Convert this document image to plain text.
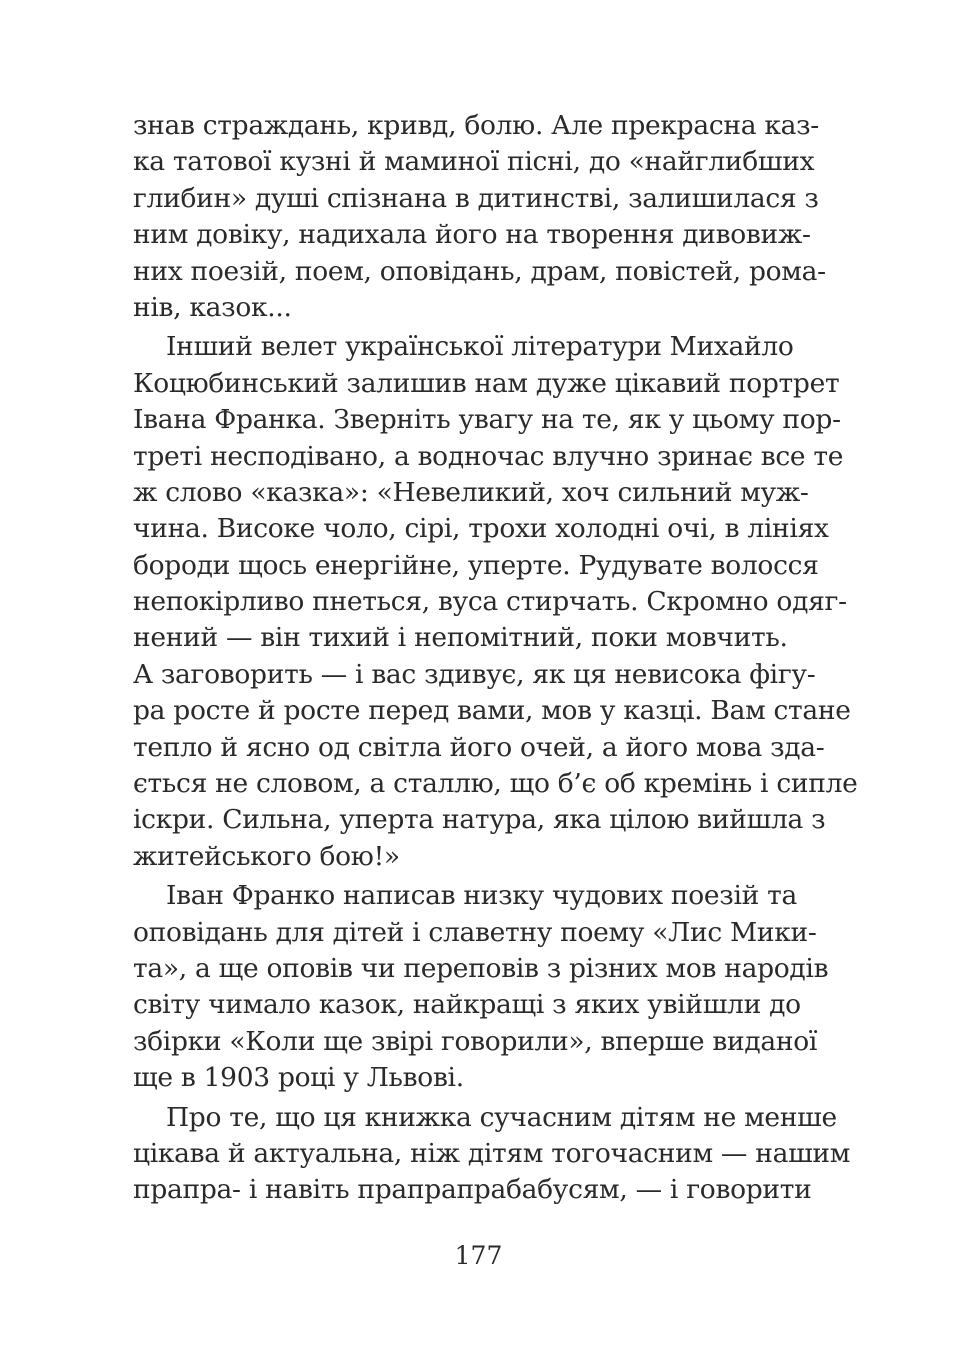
знав страждань, кривд, болю. Але прекрасна каз-
ка татової кузні й маминої пісні, до «найглибших
глибин» душі спізнана в дитинстві, залишилася з
ним довіку, надихала його на творення дивовиж-
них поезій, поем, оповідань, драм, повістей, рома-
нів, казок...
Інший велет української літератури Михайло
Коцюбинський залишив нам дуже цікавий портрет
Івана Франка. Зверніть увагу на те, як у цьому пор-
треті несподівано, а водночас влучно зринає все те
ж слово «казка»: «Невеликий, хоч сильний муж-
чина. Високе чоло, сірі, трохи холодні очі, в лініях
бороди щось енергійне, уперте. Рудувате волосся
непокірливо пнеться, вуса стирчать. Скромно одяг-
нений — він тихий і непомітний, поки мовчить.
А заговорить — і вас здивує, як ця невисока фігу-
ра росте й росте перед вами, мов у казці. Вам стане
тепло й ясно од світла його очей, а його мова зда-
ється не словом, а сталлю, що б’є об кремінь і сипле
іскри. Сильна, уперта натура, яка цілою вийшла з
житейського бою!»
Іван Франко написав низку чудових поезій та
оповідань для дітей і славетну поему «Лис Мики-
та», а ще оповів чи переповів з різних мов народів
світу чимало казок, найкращі з яких увійшли до
збірки «Коли ще звірі говорили», вперше виданої
ще в 1903 році у Львові.
Про те, що ця книжка сучасним дітям не менше
цікава й актуальна, ніж дітям тогочасним — нашим
прапра- і навіть прапрапрабабусям, — і говорити
177
